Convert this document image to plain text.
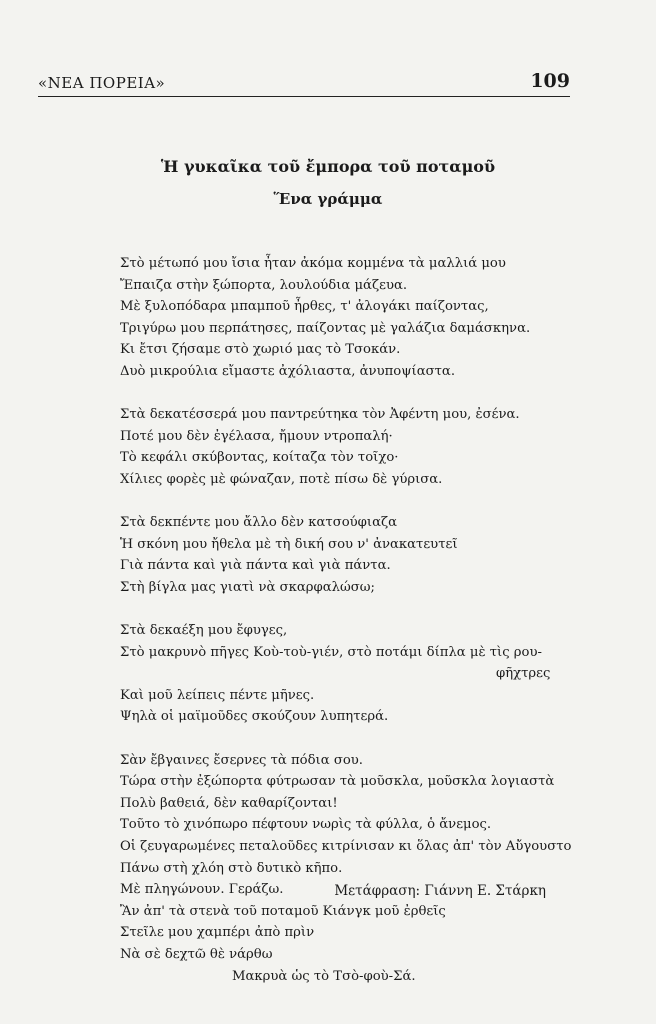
«ΝΕΑ ΠΟΡΕΙΑ»	109
Ἡ γυκαῖκα τοῦ ἔμπορα τοῦ ποταμοῦ
Ἕνα γράμμα
Στὸ μέτωπό μου ἴσια ἦταν ἀκόμα κομμένα τὰ μαλλιά μου
Ἔπαιζα στὴν ξώπορτα, λουλούδια μάζευα.
Μὲ ξυλοπόδαρα μπαμποῦ ἦρθες, τ' ἀλογάκι παίζοντας,
Τριγύρω μου περπάτησες, παίζοντας μὲ γαλάζια δαμάσκηνα.
Κι ἔτσι ζήσαμε στὸ χωριό μας τὸ Τσοκάν.
Δυὸ μικρούλια εἴμαστε ἀχόλιαστα, ἀνυποψίαστα.
Στὰ δεκατέσσερά μου παντρεύτηκα τὸν Ἀφέντη μου, ἐσένα.
Ποτέ μου δὲν ἐγέλασα, ἤμουν ντροπαλή·
Τὸ κεφάλι σκύβοντας, κοίταζα τὸν τοῖχο·
Χίλιες φορὲς μὲ φώναζαν, ποτὲ πίσω δὲ γύρισα.
Στὰ δεκπέντε μου ἄλλο δὲν κατσούφιαζα
Ἡ σκόνη μου ἤθελα μὲ τὴ δική σου ν' ἀνακατευτεῖ
Γιὰ πάντα καὶ γιὰ πάντα καὶ γιὰ πάντα.
Στὴ βίγλα μας γιατὶ νὰ σκαρφαλώσω;
Στὰ δεκαέξη μου ἔφυγες,
Στὸ μακρυνὸ πῆγες Κοὺ-τοὺ-γιέν, στὸ ποτάμι δίπλα μὲ τὶς ρου-
φῆχτρες
Καὶ μοῦ λείπεις πέντε μῆνες.
Ψηλὰ οἱ μαϊμοῦδες σκούζουν λυπητερά.
Σὰν ἔβγαινες ἔσερνες τὰ πόδια σου.
Τώρα στὴν ἐξώπορτα φύτρωσαν τὰ μοῦσκλα, μοῦσκλα λογιαστὰ
Πολὺ βαθειά, δὲν καθαρίζονται!
Τοῦτο τὸ χινόπωρο πέφτουν νωρὶς τὰ φύλλα, ὁ ἄνεμος.
Οἱ ζευγαρωμένες πεταλοῦδες κιτρίνισαν κι ὅλας ἀπ' τὸν Αὔγουστο
Πάνω στὴ χλόη στὸ δυτικὸ κῆπο.
Μὲ πληγώνουν. Γεράζω.
Ἂν ἀπ' τὰ στενὰ τοῦ ποταμοῦ Κιάνγκ μοῦ ἐρθεῖς
Στεῖλε μου χαμπέρι ἀπὸ πρὶν
Νὰ σὲ δεχτῶ θὲ νάρθω
Μακρυὰ ὡς τὸ Τσὸ-φοὺ-Σά.
Μετάφραση: Γιάννη Ε. Στάρκη
